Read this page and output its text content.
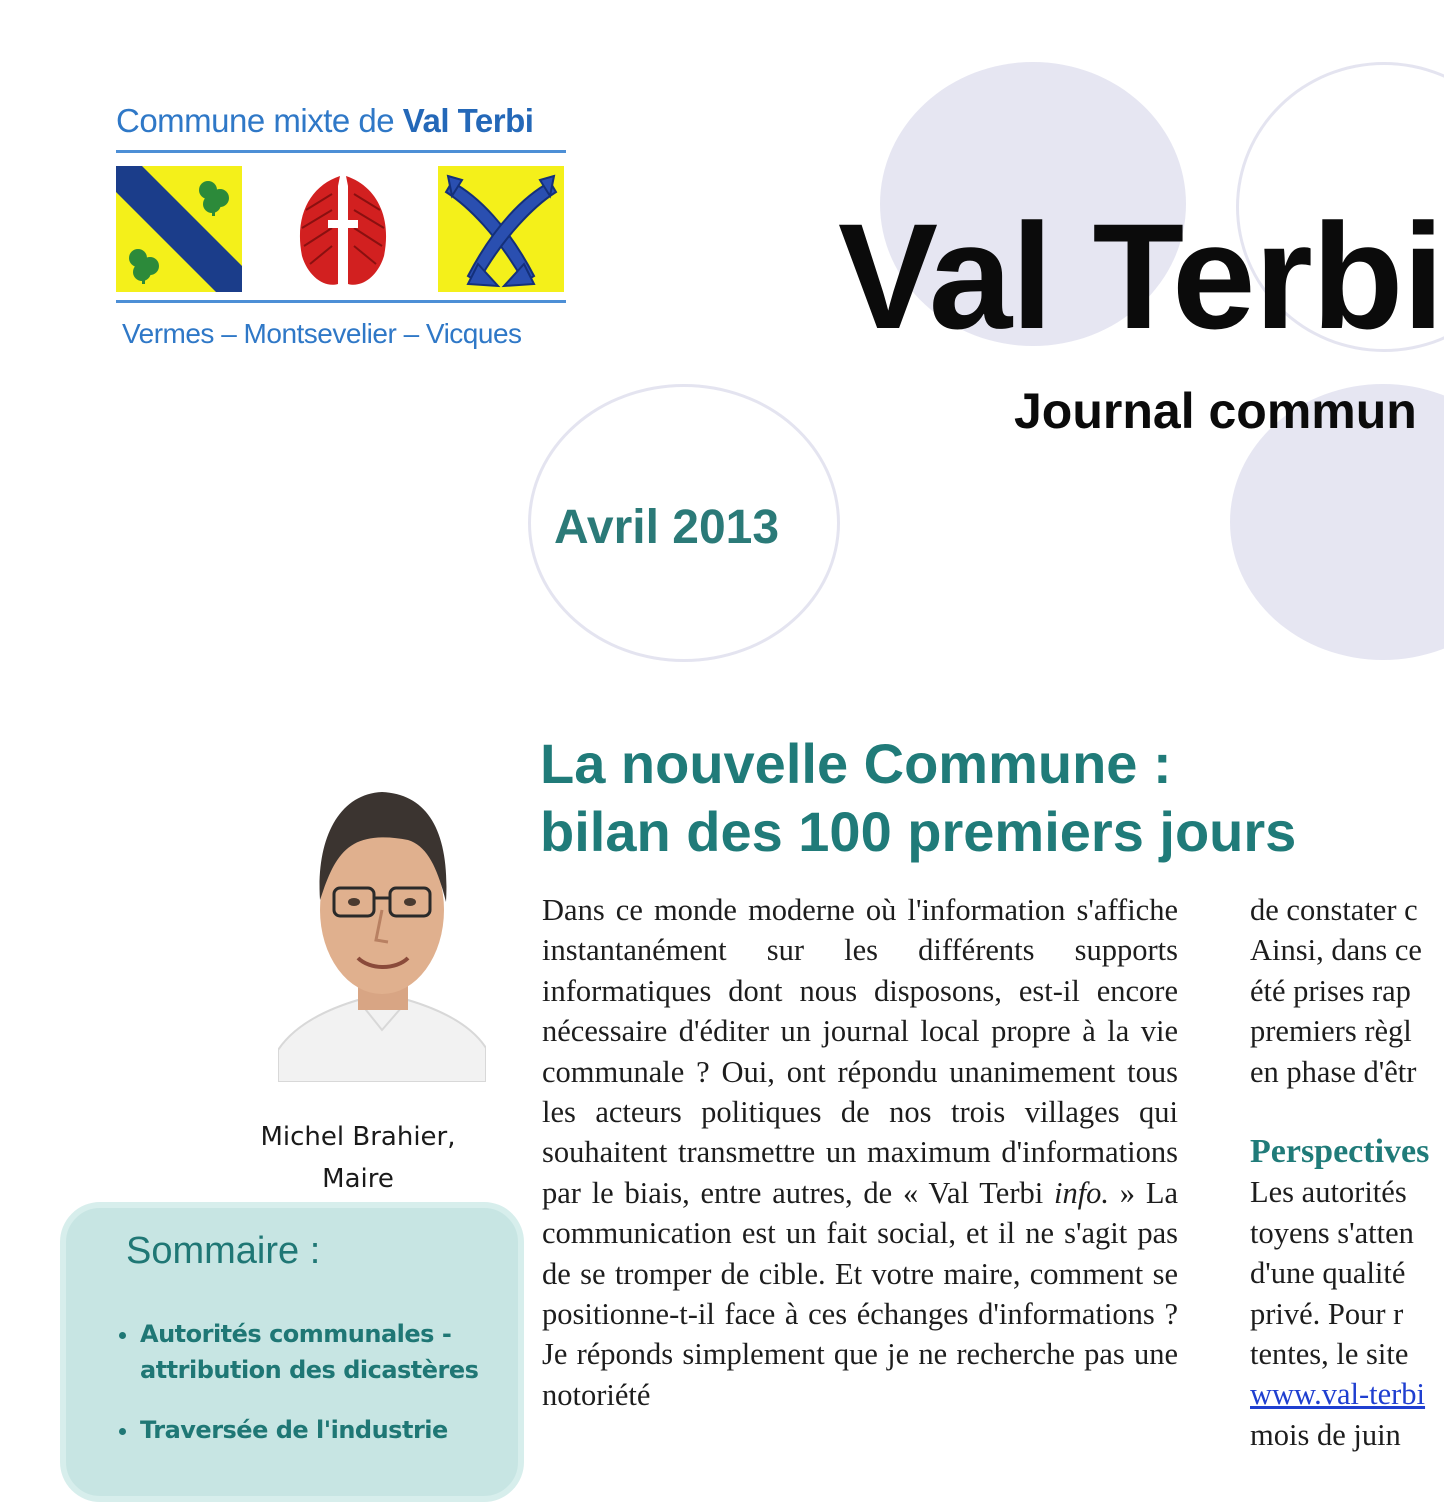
Commune mixte de Val Terbi
Vermes – Montsevelier – Vicques Val Terbi
Journal commun
Avril 2013
Michel Brahier,
Maire
Sommaire :
• Autorités communales - attribution des dicastères
• Traversée de l'industrie
La nouvelle Commune :
bilan des 100 premiers jours
Dans ce monde moderne où l'information s'affiche instantanément sur les différents supports informatiques dont nous disposons, est-il encore nécessaire d'éditer un journal local propre à la vie communale ? Oui, ont répondu unanimement tous les acteurs politiques de nos trois villages qui souhaitent transmettre un maximum d'informations par le biais, entre autres, de « Val Terbi info. » La communication est un fait social, et il ne s'agit pas de se tromper de cible. Et votre maire, comment se positionne-t-il face à ces échanges d'informations ? Je réponds simplement que je ne recherche pas une notoriété
de constater c
Ainsi, dans ce
été prises rap
premiers règl
en phase d'êtr
Perspectives
Les autorités
toyens s'atten
d'une qualité
privé. Pour r
tentes, le site
www.val-terbi
mois de juin
